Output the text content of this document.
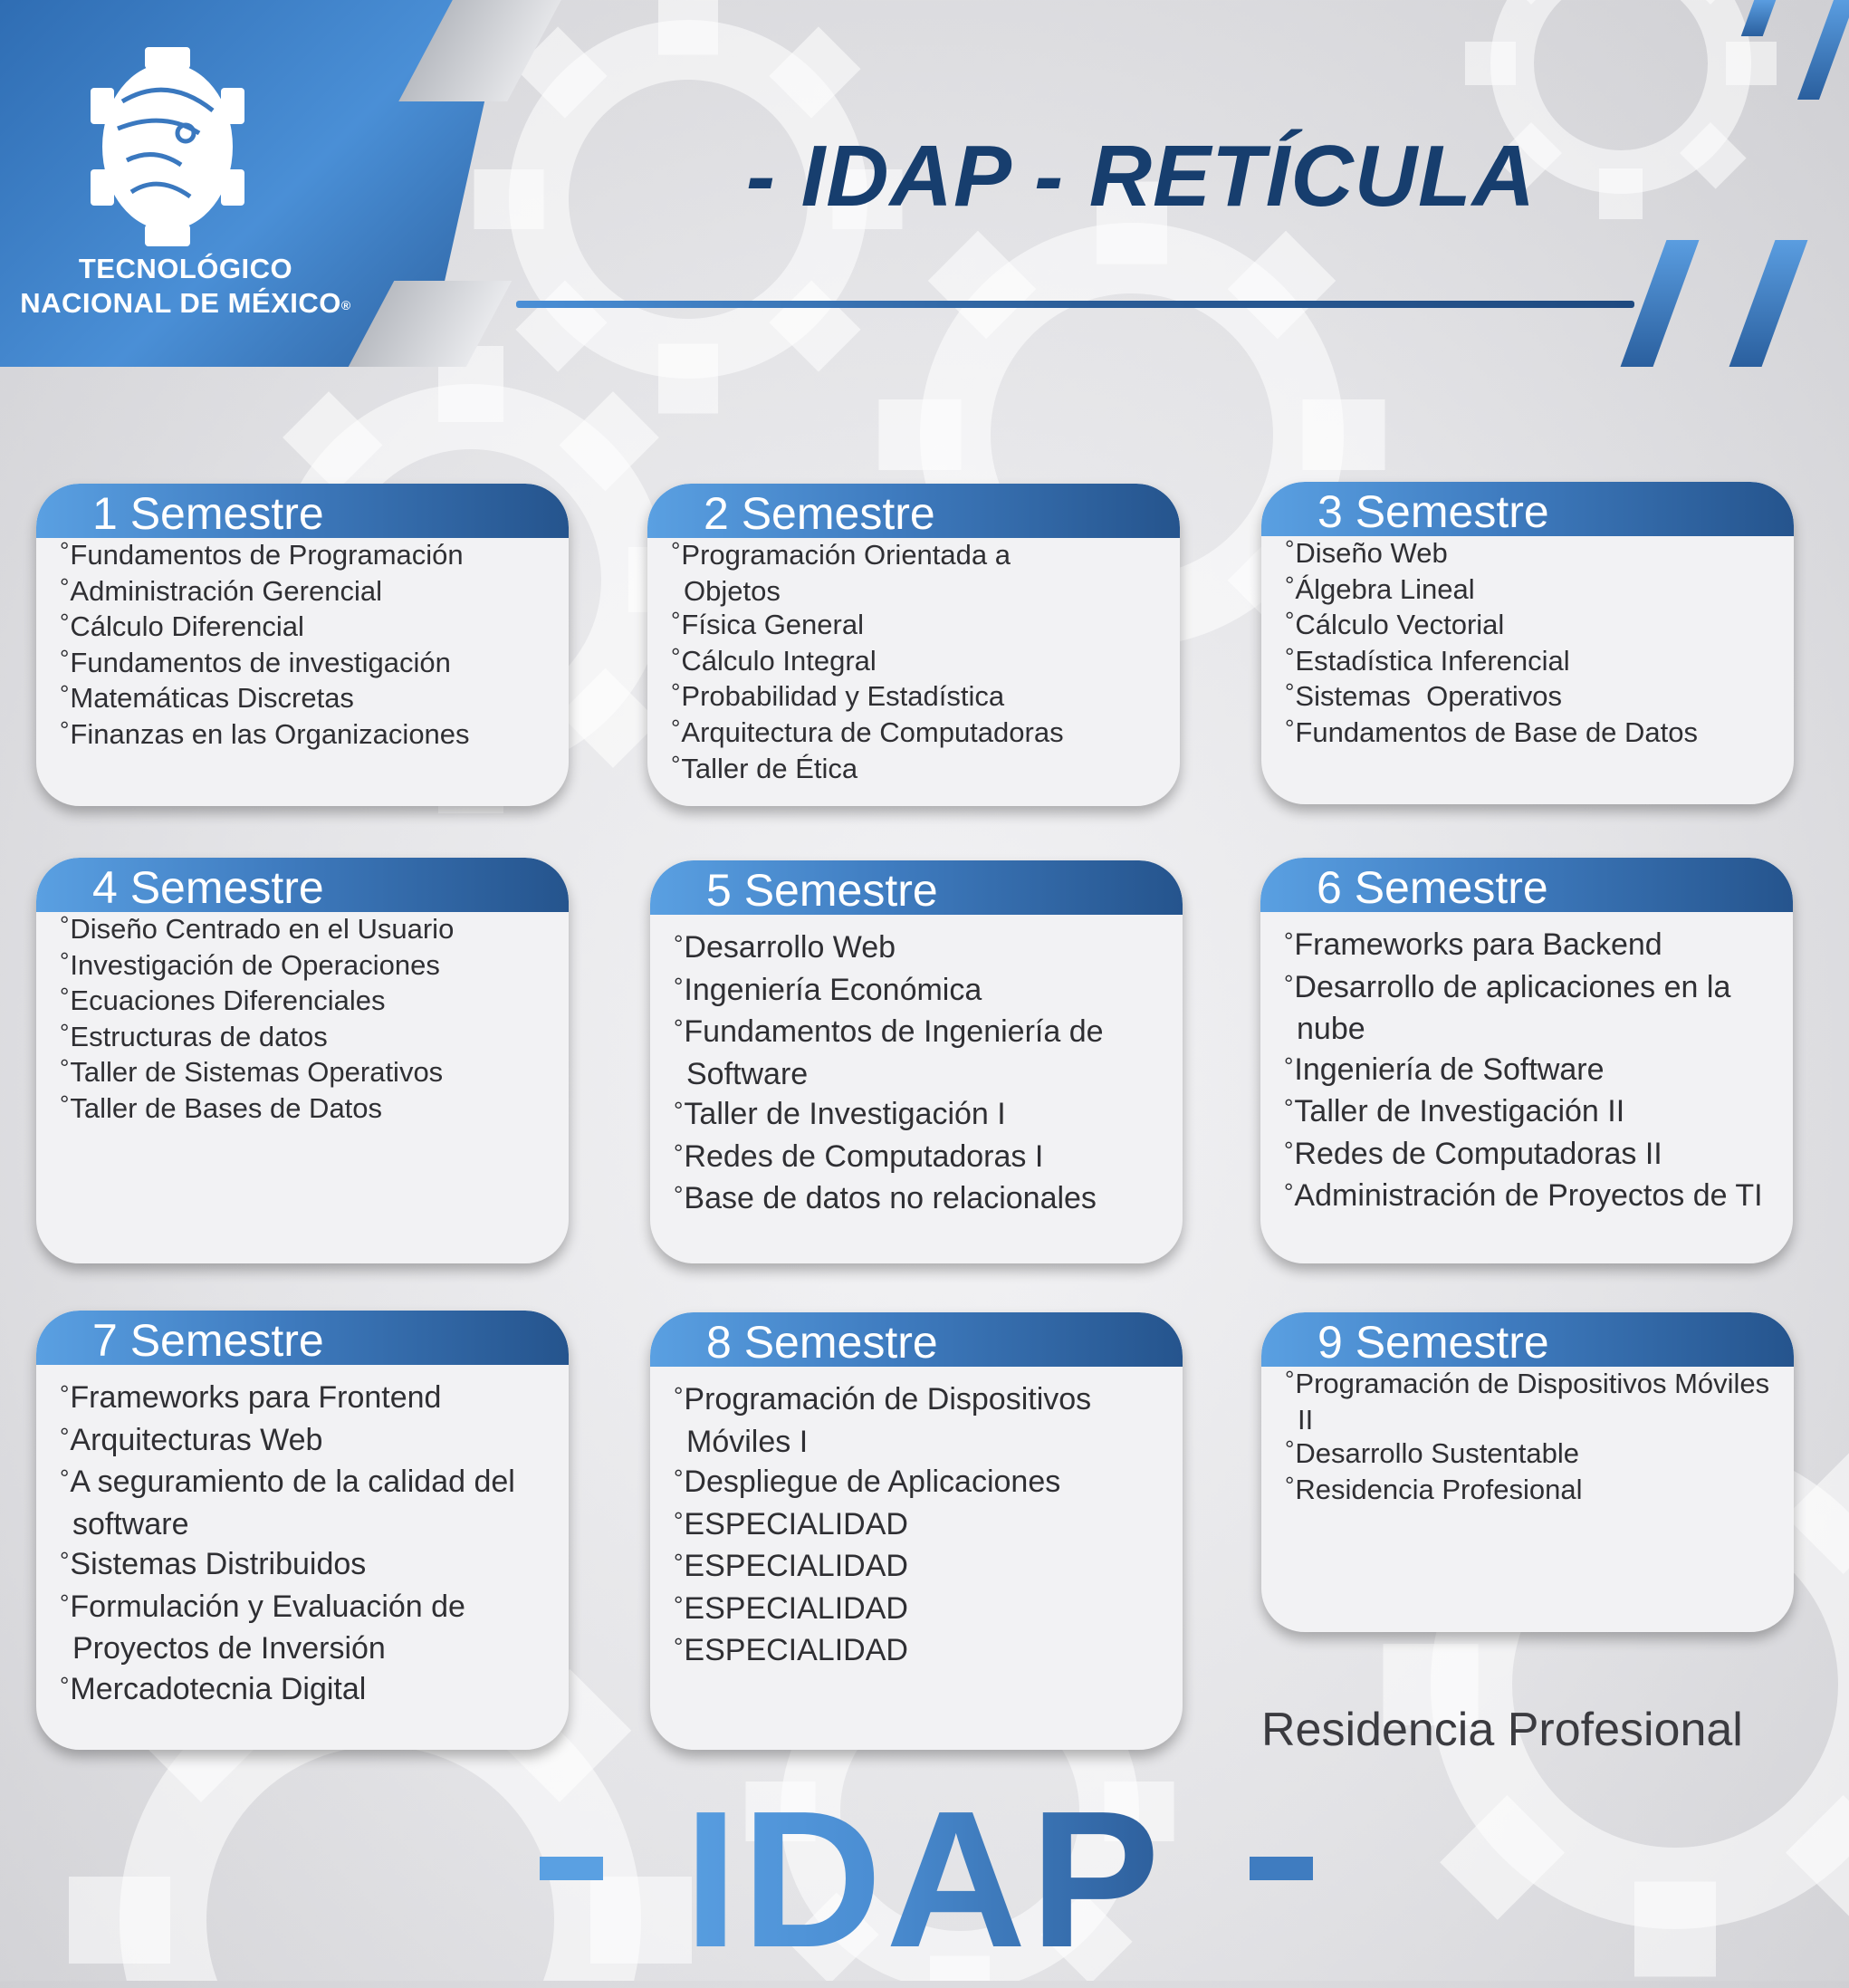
TECNOLÓGICO
NACIONAL DE MÉXICO®
- IDAP - RETÍCULA
1 Semestre
° Fundamentos de Programación
° Administración Gerencial
° Cálculo Diferencial
° Fundamentos de investigación
° Matemáticas Discretas
° Finanzas en las Organizaciones
2 Semestre
° Programación Orientada a Objetos
° Física General
° Cálculo Integral
° Probabilidad y Estadística
° Arquitectura de Computadoras
° Taller de Ética
3 Semestre
° Diseño Web
° Álgebra Lineal
° Cálculo Vectorial
° Estadística Inferencial
° Sistemas  Operativos
° Fundamentos de Base de Datos
4 Semestre
° Diseño Centrado en el Usuario
° Investigación de Operaciones
° Ecuaciones Diferenciales
° Estructuras de datos
° Taller de Sistemas Operativos
° Taller de Bases de Datos
5 Semestre
° Desarrollo Web
° Ingeniería Económica
° Fundamentos de Ingeniería de Software
° Taller de Investigación I
° Redes de Computadoras I
° Base de datos no relacionales
6 Semestre
° Frameworks para Backend
° Desarrollo de aplicaciones en la nube
° Ingeniería de Software
° Taller de Investigación II
° Redes de Computadoras II
° Administración de Proyectos de TI
7 Semestre
° Frameworks para Frontend
° Arquitecturas Web
° A seguramiento de la calidad del software
° Sistemas Distribuidos
° Formulación y Evaluación de Proyectos de Inversión
° Mercadotecnia Digital
8 Semestre
° Programación de Dispositivos Móviles I
° Despliegue de Aplicaciones
° ESPECIALIDAD
° ESPECIALIDAD
° ESPECIALIDAD
° ESPECIALIDAD
9 Semestre
° Programación de Dispositivos Móviles II
° Desarrollo Sustentable
° Residencia Profesional

Residencia Profesional

IDAP
